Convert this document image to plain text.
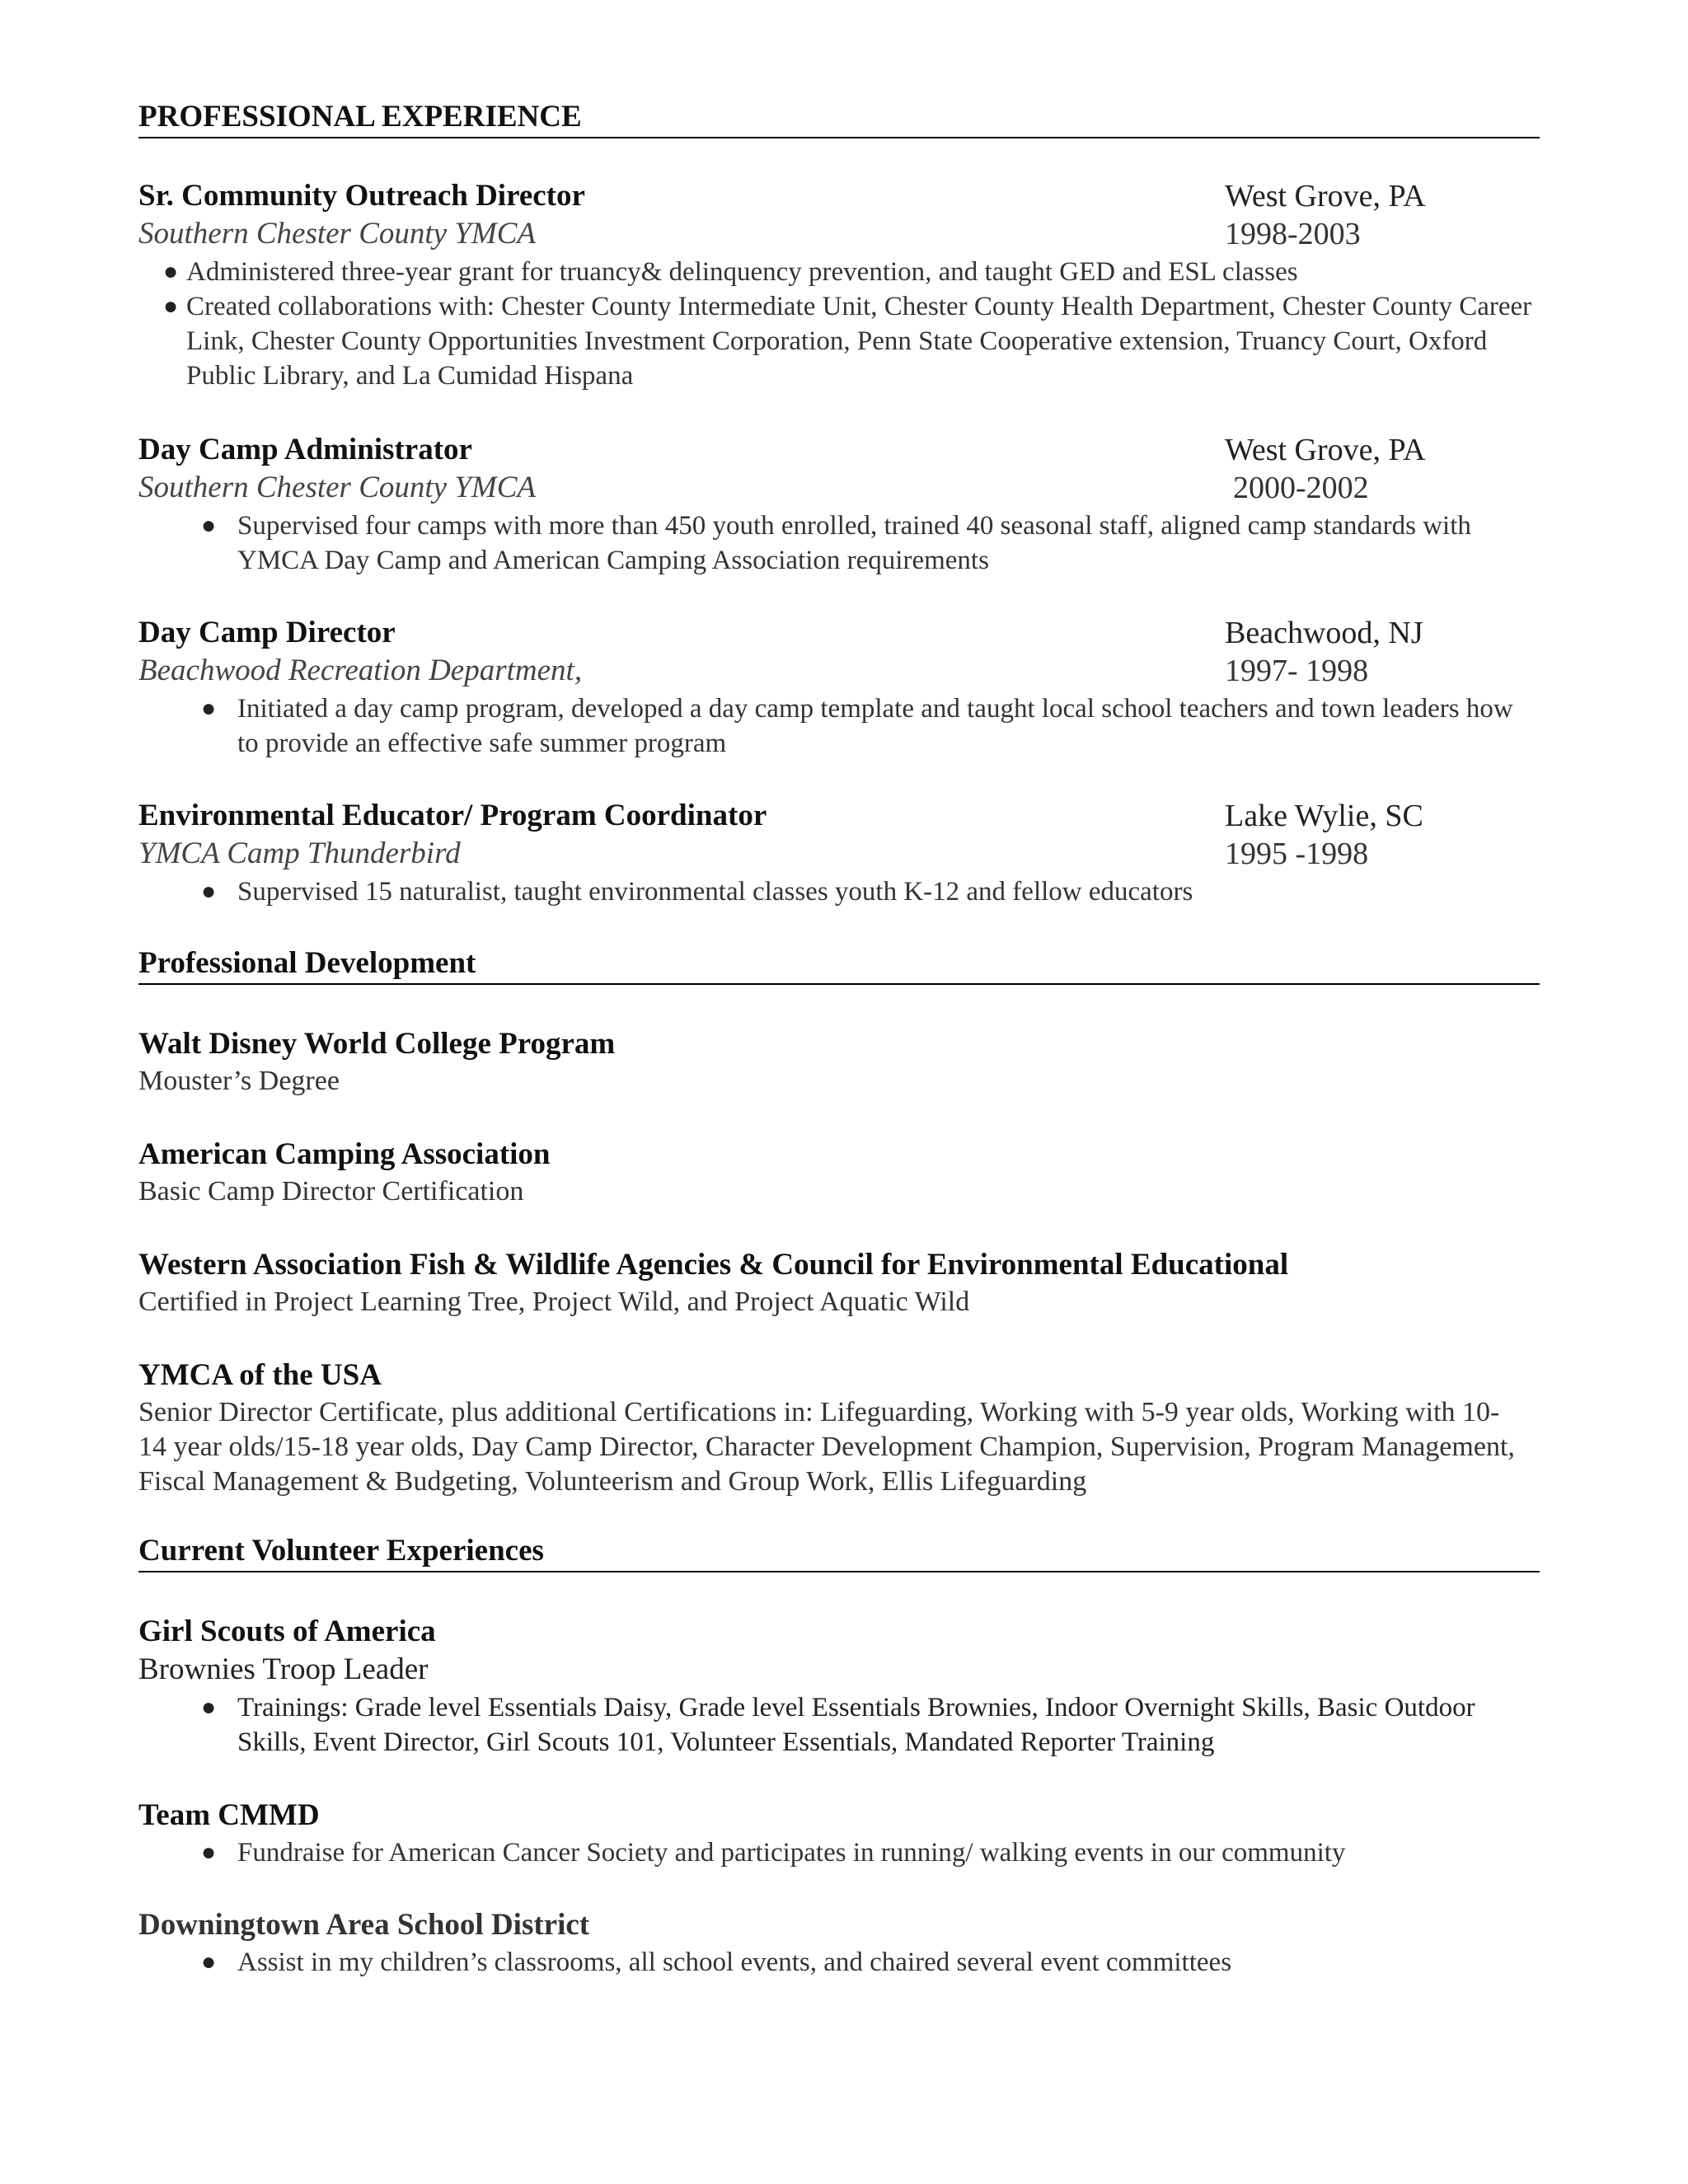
PROFESSIONAL EXPERIENCE
Sr. Community Outreach Director	West Grove, PA
Southern Chester County YMCA	1998-2003
● Administered three-year grant for truancy& delinquency prevention, and taught GED and ESL classes
● Created collaborations with: Chester County Intermediate Unit, Chester County Health Department, Chester County Career Link, Chester County Opportunities Investment Corporation, Penn State Cooperative extension, Truancy Court, Oxford Public Library, and La Cumidad Hispana
Day Camp Administrator	West Grove, PA
Southern Chester County YMCA	2000-2002
● Supervised four camps with more than 450 youth enrolled, trained 40 seasonal staff, aligned camp standards with YMCA Day Camp and American Camping Association requirements
Day Camp Director	Beachwood, NJ
Beachwood Recreation Department,	1997- 1998
● Initiated a day camp program, developed a day camp template and taught local school teachers and town leaders how to provide an effective safe summer program
Environmental Educator/ Program Coordinator	Lake Wylie, SC
YMCA Camp Thunderbird	1995 -1998
● Supervised 15 naturalist, taught environmental classes youth K-12 and fellow educators
Professional Development
Walt Disney World College Program
Mouster’s Degree
American Camping Association
Basic Camp Director Certification
Western Association Fish & Wildlife Agencies & Council for Environmental Educational
Certified in Project Learning Tree, Project Wild, and Project Aquatic Wild
YMCA of the USA
Senior Director Certificate, plus additional Certifications in: Lifeguarding, Working with 5-9 year olds, Working with 10-14 year olds/15-18 year olds, Day Camp Director, Character Development Champion, Supervision, Program Management, Fiscal Management & Budgeting, Volunteerism and Group Work, Ellis Lifeguarding
Current Volunteer Experiences
Girl Scouts of America
Brownies Troop Leader
● Trainings: Grade level Essentials Daisy, Grade level Essentials Brownies, Indoor Overnight Skills, Basic Outdoor Skills, Event Director, Girl Scouts 101, Volunteer Essentials, Mandated Reporter Training
Team CMMD
● Fundraise for American Cancer Society and participates in running/ walking events in our community
Downingtown Area School District
● Assist in my children’s classrooms, all school events, and chaired several event committees
